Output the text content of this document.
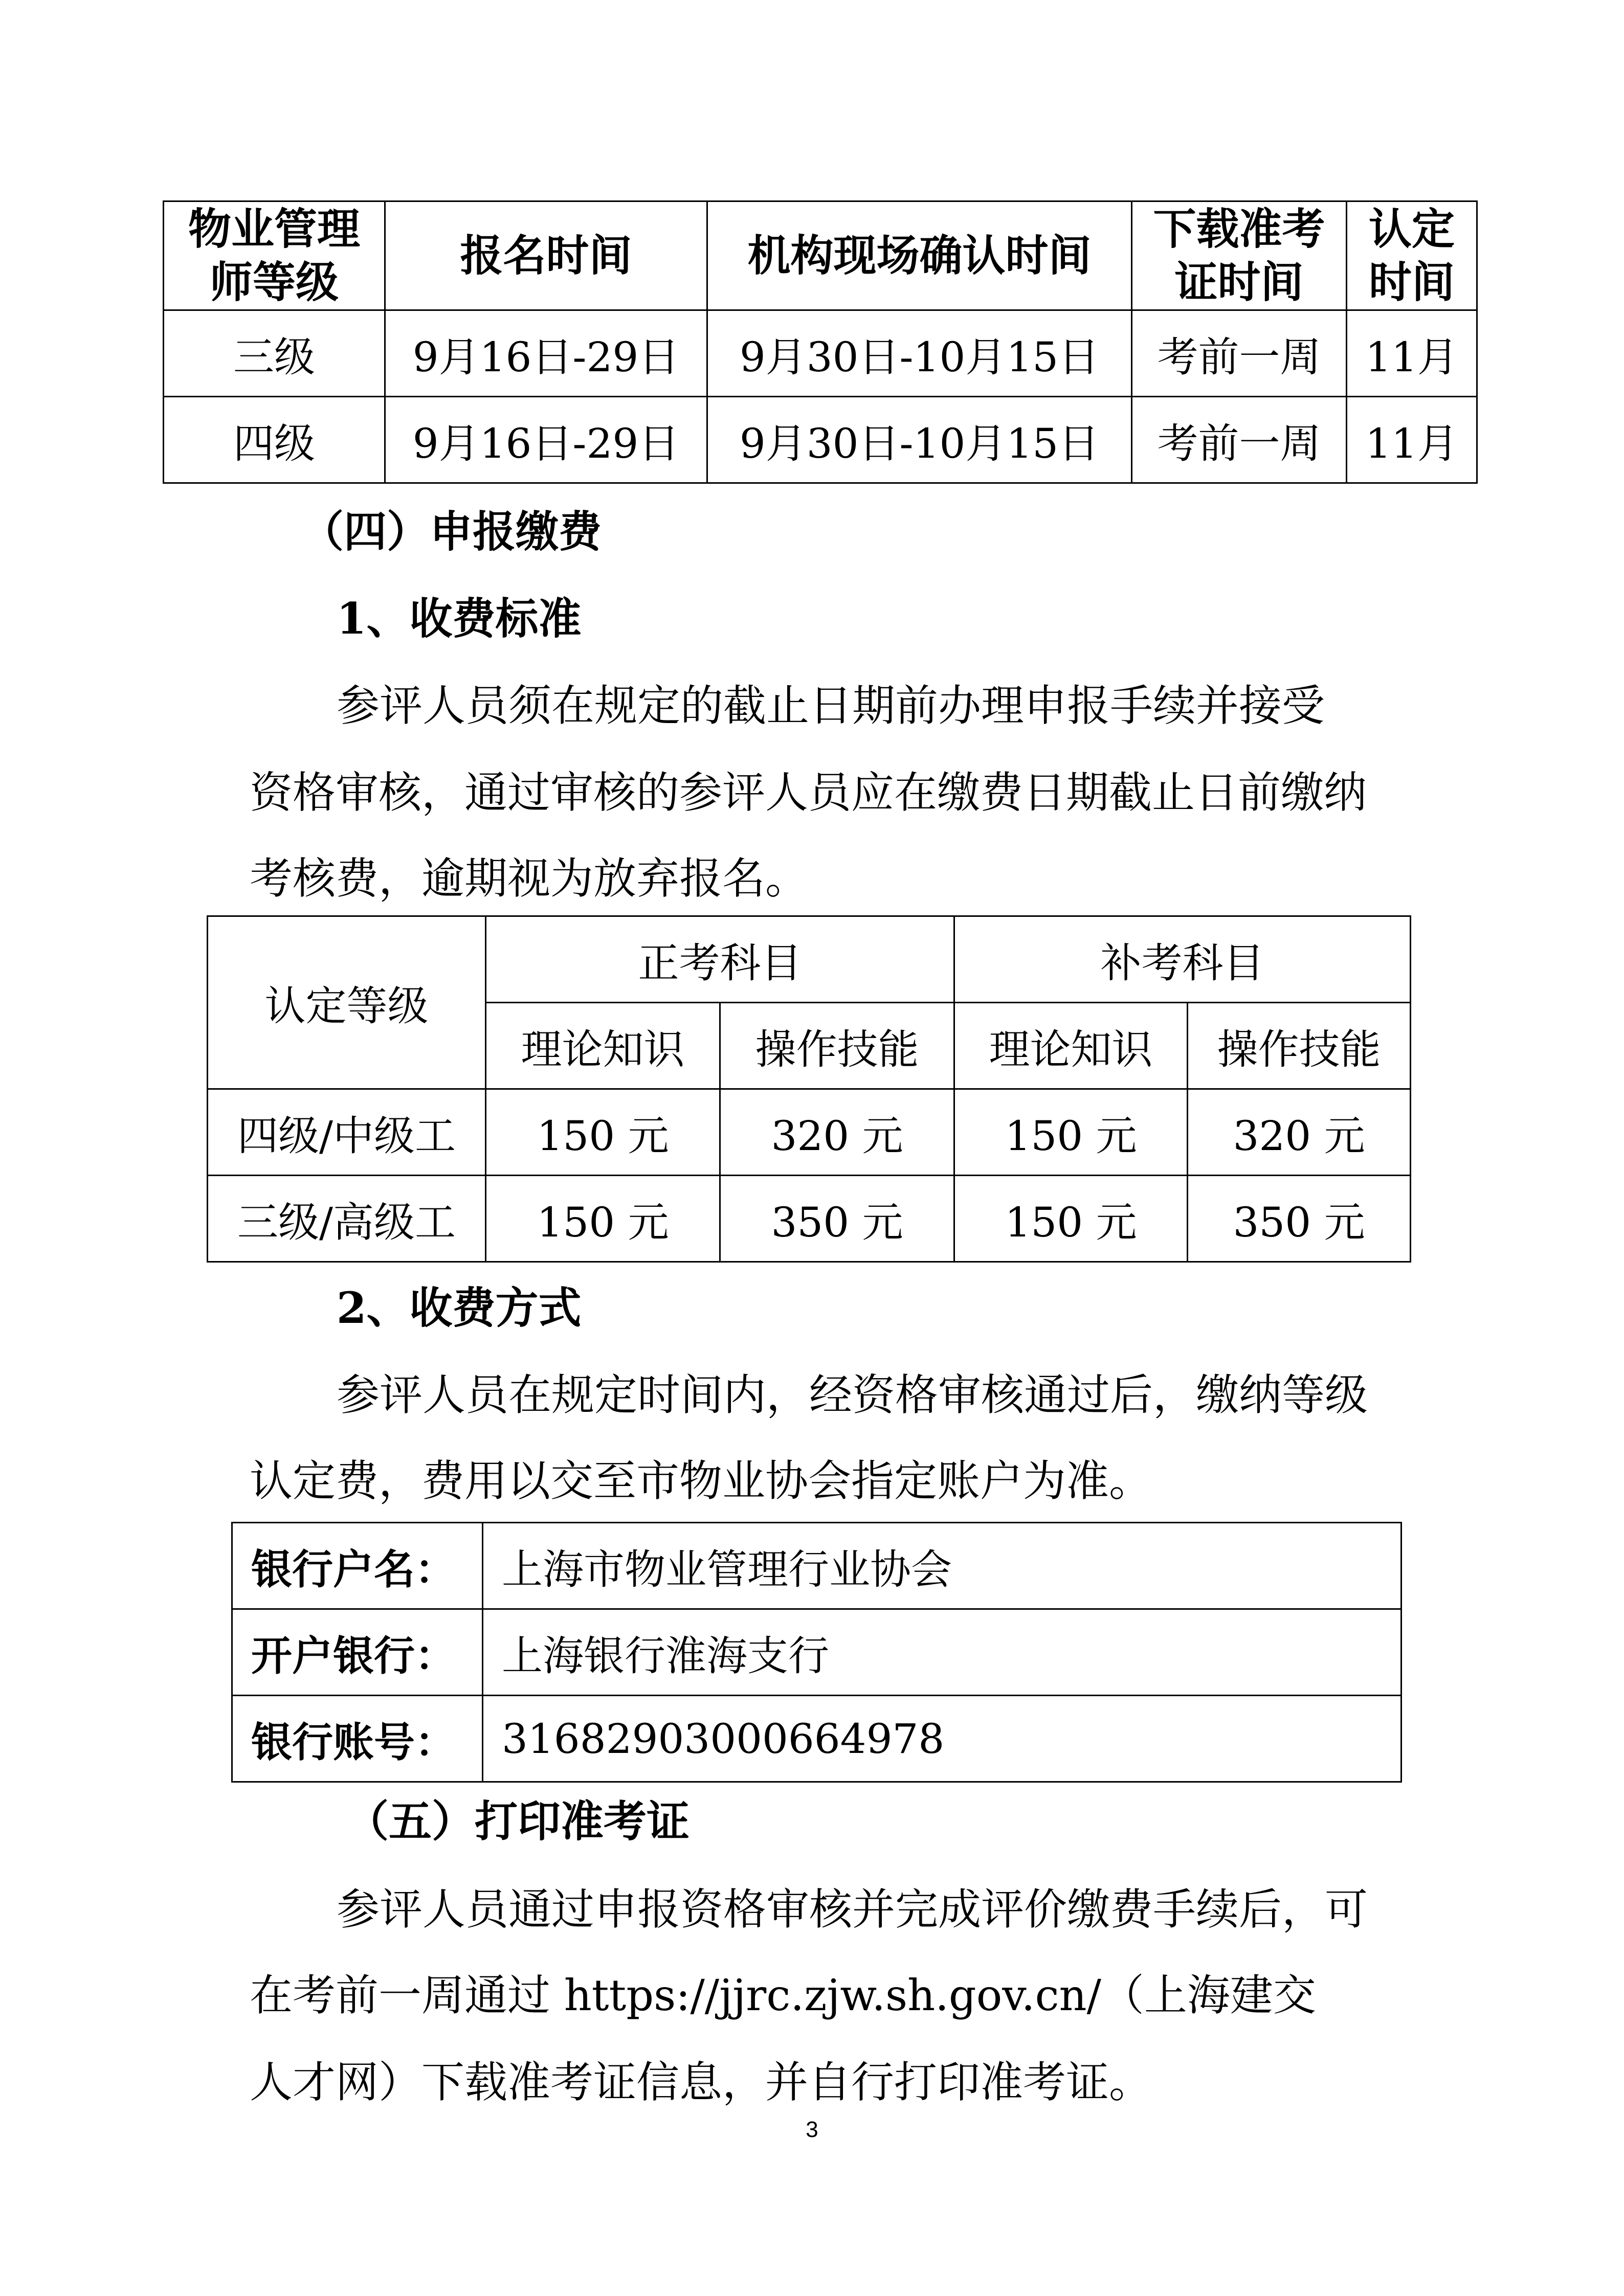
物业管理师等级	报名时间	机构现场确认时间	下载准考证时间	认定时间
三级	9月16日-29日	9月30日-10月15日	考前一周	11月
四级	9月16日-29日	9月30日-10月15日	考前一周	11月
（四）申报缴费
1、收费标准
参评人员须在规定的截止日期前办理申报手续并接受
资格审核，通过审核的参评人员应在缴费日期截止日前缴纳
考核费，逾期视为放弃报名。
认定等级	正考科目		补考科目	
	理论知识	操作技能	理论知识	操作技能
四级/中级工	150 元	320 元	150 元	320 元
三级/高级工	150 元	350 元	150 元	350 元
2、收费方式
参评人员在规定时间内，经资格审核通过后，缴纳等级
认定费，费用以交至市物业协会指定账户为准。
银行户名：	上海市物业管理行业协会
开户银行：	上海银行淮海支行
银行账号：	31682903000664978
（五）打印准考证
参评人员通过申报资格审核并完成评价缴费手续后，可
在考前一周通过 https://jjrc.zjw.sh.gov.cn/（上海建交
人才网）下载准考证信息，并自行打印准考证。
3
